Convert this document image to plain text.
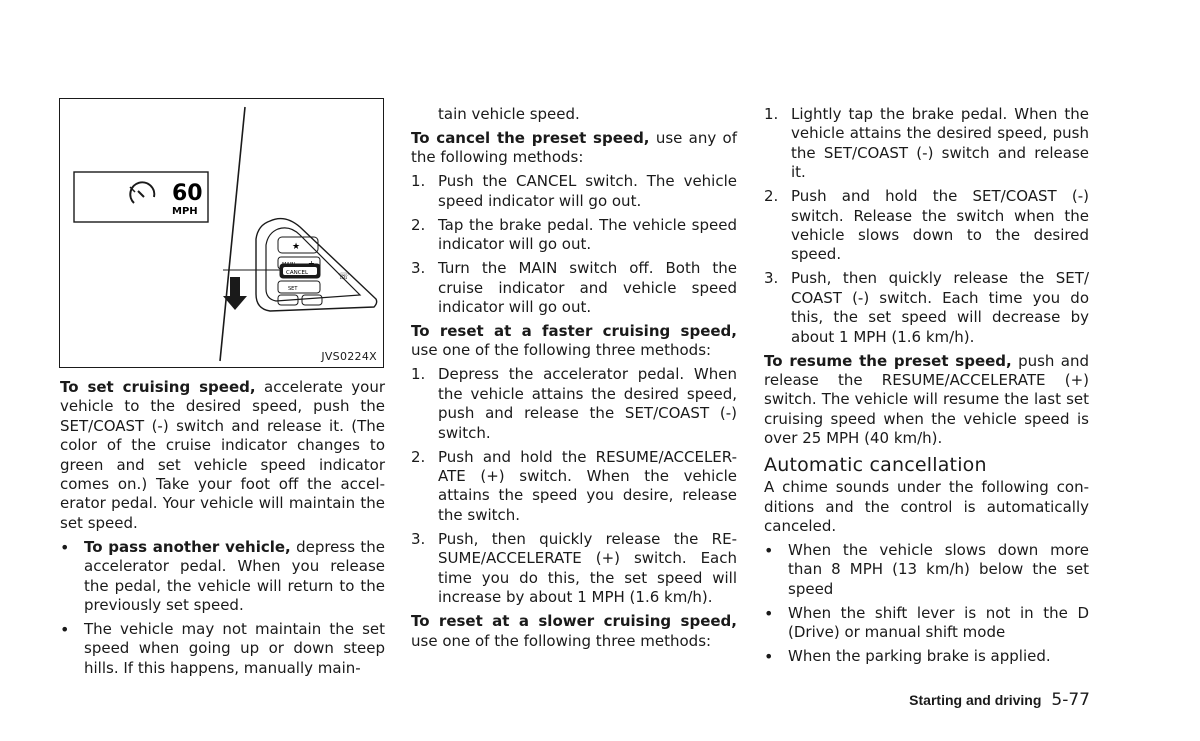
60
MPH
★
CANCEL
SET
☏
JVS0224X

To set cruising speed, accelerate your vehicle to the desired speed, push the SET/COAST (-) switch and release it. (The color of the cruise indicator changes to green and set vehicle speed indicator comes on.) Take your foot off the accel-erator pedal. Your vehicle will maintain the set speed.

• To pass another vehicle, depress the accelerator pedal. When you release the pedal, the vehicle will return to the previously set speed.
• The vehicle may not maintain the set speed when going up or down steep hills. If this happens, manually main-
tain vehicle speed.

To cancel the preset speed, use any of the following methods:

1. Push the CANCEL switch. The vehicle speed indicator will go out.
2. Tap the brake pedal. The vehicle speed indicator will go out.
3. Turn the MAIN switch off. Both the cruise indicator and vehicle speed indicator will go out.

To reset at a faster cruising speed, use one of the following three methods:

1. Depress the accelerator pedal. When the vehicle attains the desired speed, push and release the SET/COAST (-) switch.
2. Push and hold the RESUME/ACCELER-ATE (+) switch. When the vehicle attains the speed you desire, release the switch.
3. Push, then quickly release the RE-SUME/ACCELERATE (+) switch. Each time you do this, the set speed will increase by about 1 MPH (1.6 km/h).

To reset at a slower cruising speed, use one of the following three methods:

1. Lightly tap the brake pedal. When the vehicle attains the desired speed, push the SET/COAST (-) switch and release it.
2. Push and hold the SET/COAST (-) switch. Release the switch when the vehicle slows down to the desired speed.
3. Push, then quickly release the SET/ COAST (-) switch. Each time you do this, the set speed will decrease by about 1 MPH (1.6 km/h).

To resume the preset speed, push and release the RESUME/ACCELERATE (+) switch. The vehicle will resume the last set cruising speed when the vehicle speed is over 25 MPH (40 km/h).

Automatic cancellation

A chime sounds under the following con-ditions and the control is automatically canceled.

• When the vehicle slows down more than 8 MPH (13 km/h) below the set speed
• When the shift lever is not in the D (Drive) or manual shift mode
• When the parking brake is applied.
Starting and driving 5-77
